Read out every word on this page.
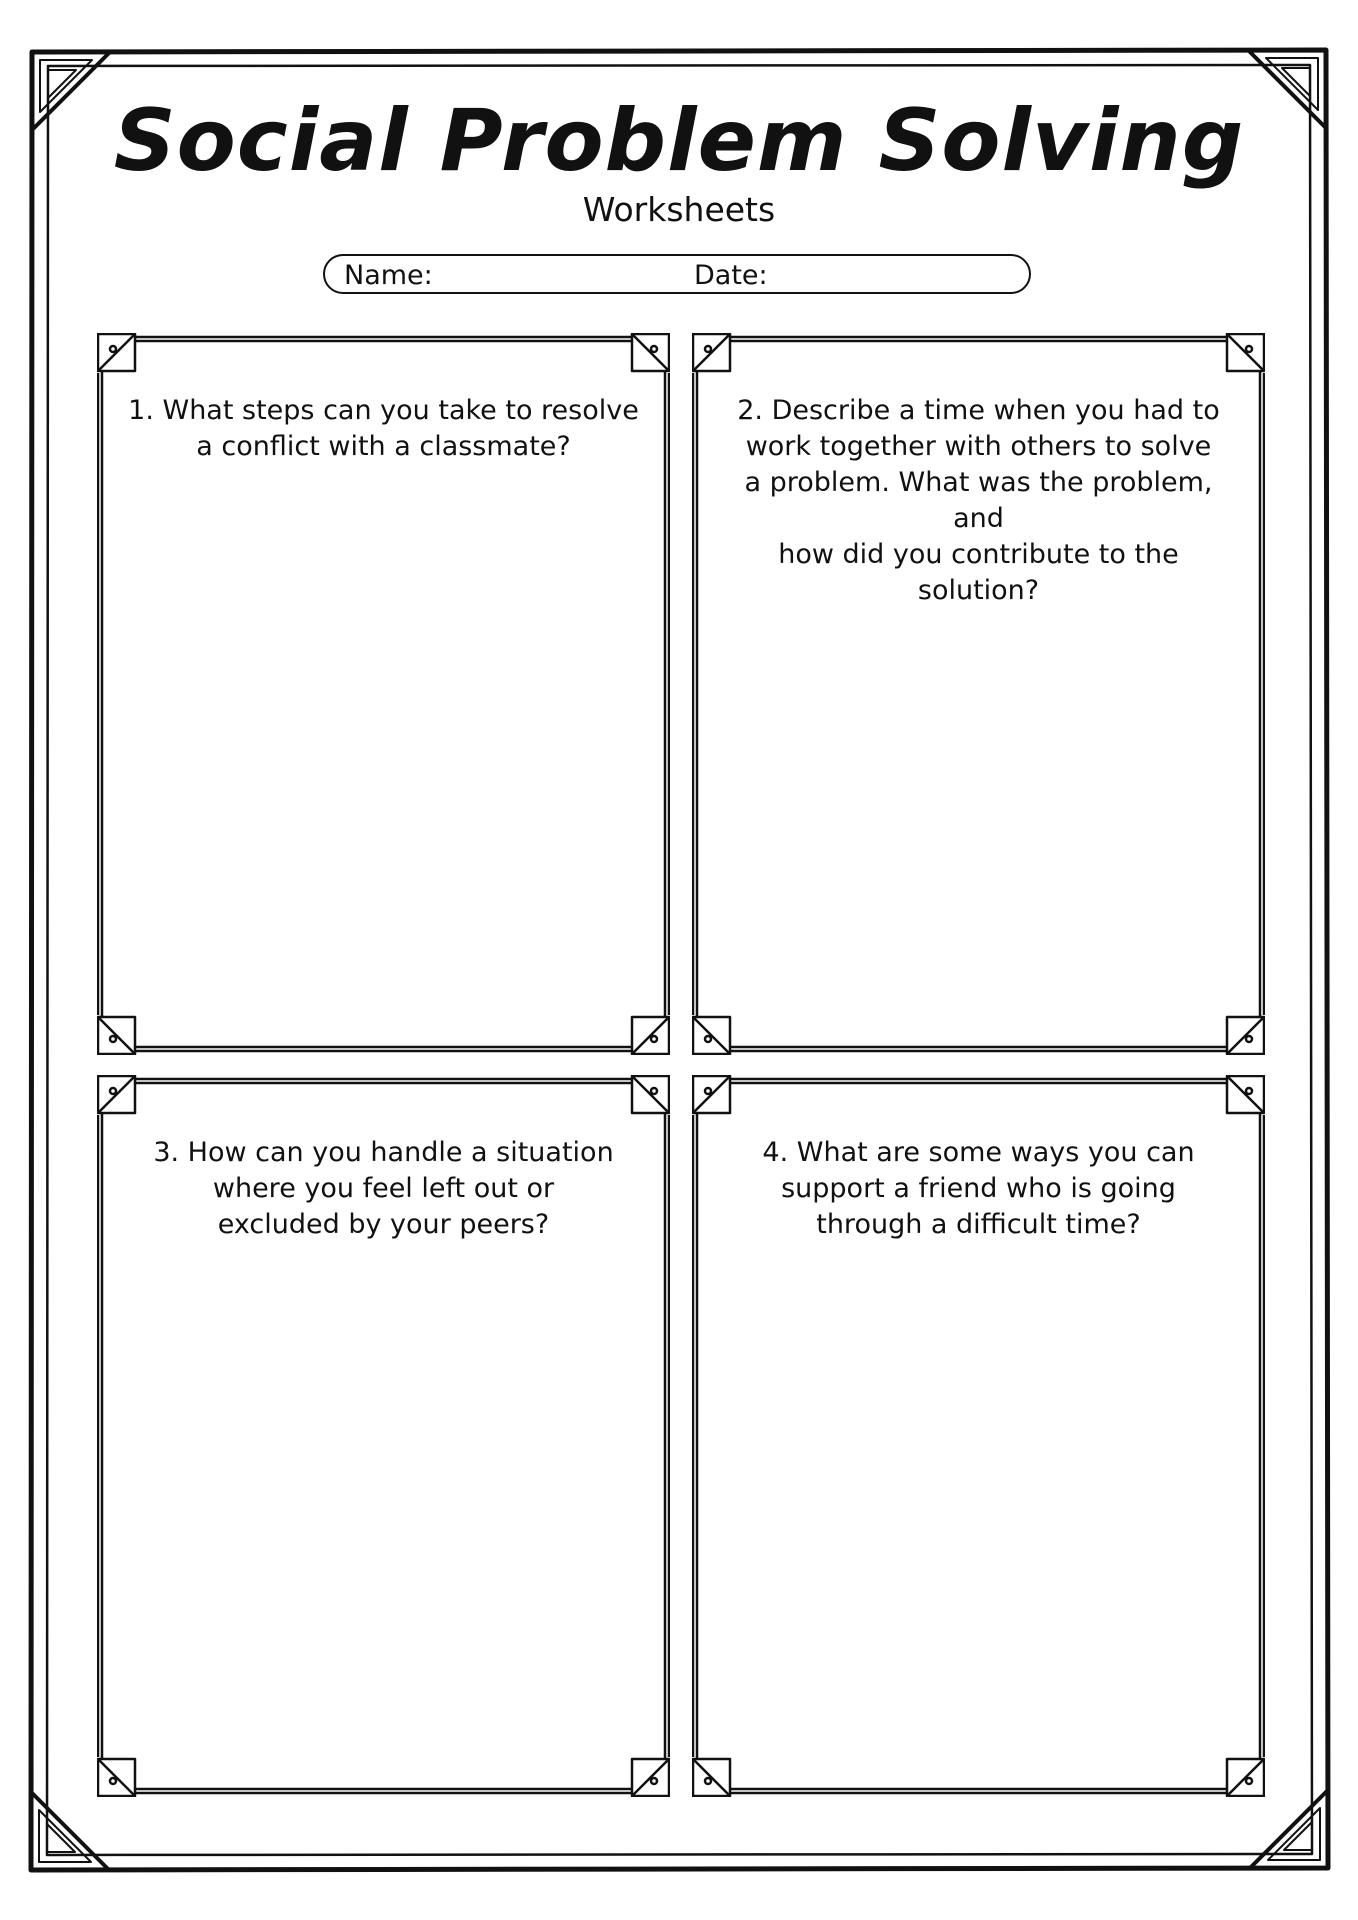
Social Problem Solving
Worksheets
Name:	Date:
1. What steps can you take to resolve
a conflict with a classmate?
2. Describe a time when you had to
work together with others to solve
a problem. What was the problem, and
how did you contribute to the solution?
3. How can you handle a situation
where you feel left out or
excluded by your peers?
4. What are some ways you can
support a friend who is going
through a difficult time?
